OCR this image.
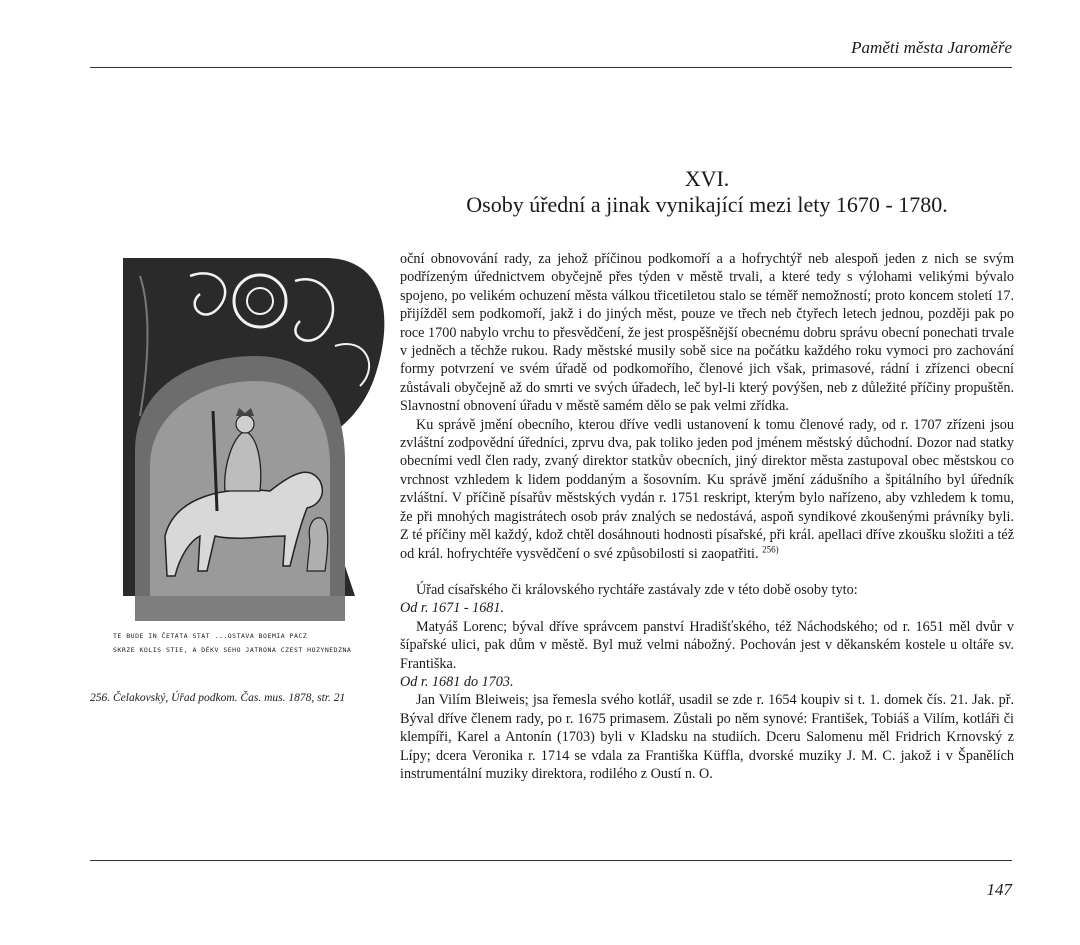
Paměti města Jaroměře
XVI.
Osoby úřední a jinak vynikající mezi lety 1670 - 1780.
TE BUDE IN ČETATA STAT ...OSTAVA BOEMIA PACZ
SKRZE KOLIS STIE, A DĚKV SEHO JATRONA CZEST HOZYNEDZNA
256. Čelakovský, Úřad podkom. Čas. mus. 1878, str. 21

oční obnovování rady, za jehož příčinou podkomoří a a hofrychtýř neb alespoň jeden z nich se svým podřízeným úřednictvem obyčejně přes týden v městě trvali, a které tedy s výlohami velikými bývalo spojeno, po velikém ochuzení města válkou třicetiletou stalo se téměř nemožností; proto koncem století 17. přijížděl sem podkomoří, jakž i do jiných měst, pouze ve třech neb čtyřech letech jednou, později pak po roce 1700 nabylo vrchu to přesvědčení, že jest prospěšnější obecnému dobru správu obecní ponechati trvale v jedněch a těchže rukou. Rady městské musily sobě sice na počátku každého roku vymoci pro zachování formy potvrzení ve svém úřadě od podkomořího, členové jich však, primasové, rádní i zřízenci obecní zůstávali obyčejně až do smrti ve svých úřadech, leč byl-li který povýšen, neb z důležité příčiny propuštěn. Slavnostní obnovení úřadu v městě samém dělo se pak velmi zřídka.

Ku správě jmění obecního, kterou dříve vedli ustanovení k tomu členové rady, od r. 1707 zřízeni jsou zvláštní zodpovědní úředníci, zprvu dva, pak toliko jeden pod jménem městský důchodní. Dozor nad statky obecními vedl člen rady, zvaný direktor statkův obecních, jiný direktor města zastupoval obec městskou co vrchnost vzhledem k lidem poddaným a šosovním. Ku správě jmění zádušního a špitálního byl úředník zvláštní. V příčině písařův městských vydán r. 1751 reskript, kterým bylo nařízeno, aby vzhledem k tomu, že při mnohých magistrátech osob práv znalých se nedostává, aspoň syndikové zkoušenými právníky byli. Z té příčiny měl každý, kdož chtěl dosáhnouti hodnosti písařské, při král. apellaci dříve zkoušku složiti a též od král. hofrychtéře vysvědčení o své způsobilosti si zaopatřiti. $^{256)}$

Úřad císařského či královského rychtáře zastávaly zde v této době osoby tyto:

Od r. 1671 - 1681.

Matyáš Lorenc; býval dříve správcem panství Hradišťského, též Náchodského; od r. 1651 měl dvůr v šípařské ulici, pak dům v městě. Byl muž velmi nábožný. Pochován jest v děkanském kostele u oltáře sv. Františka.

Od r. 1681 do 1703.

Jan Vilím Bleiweis; jsa řemesla svého kotlář, usadil se zde r. 1654 koupiv si t. 1. domek čís. 21. Jak. př. Býval dříve členem rady, po r. 1675 primasem. Zůstali po něm synové: František, Tobiáš a Vilím, kotláři či klempíři, Karel a Antonín (1703) byli v Kladsku na studiích. Dceru Salomenu měl Fridrich Krnovský z Lípy; dcera Veronika r. 1714 se vdala za Františka Küffla, dvorské muziky J. M. C. jakož i v Španělích instrumentální muziky direktora, rodilého z Oustí n. O.

147
